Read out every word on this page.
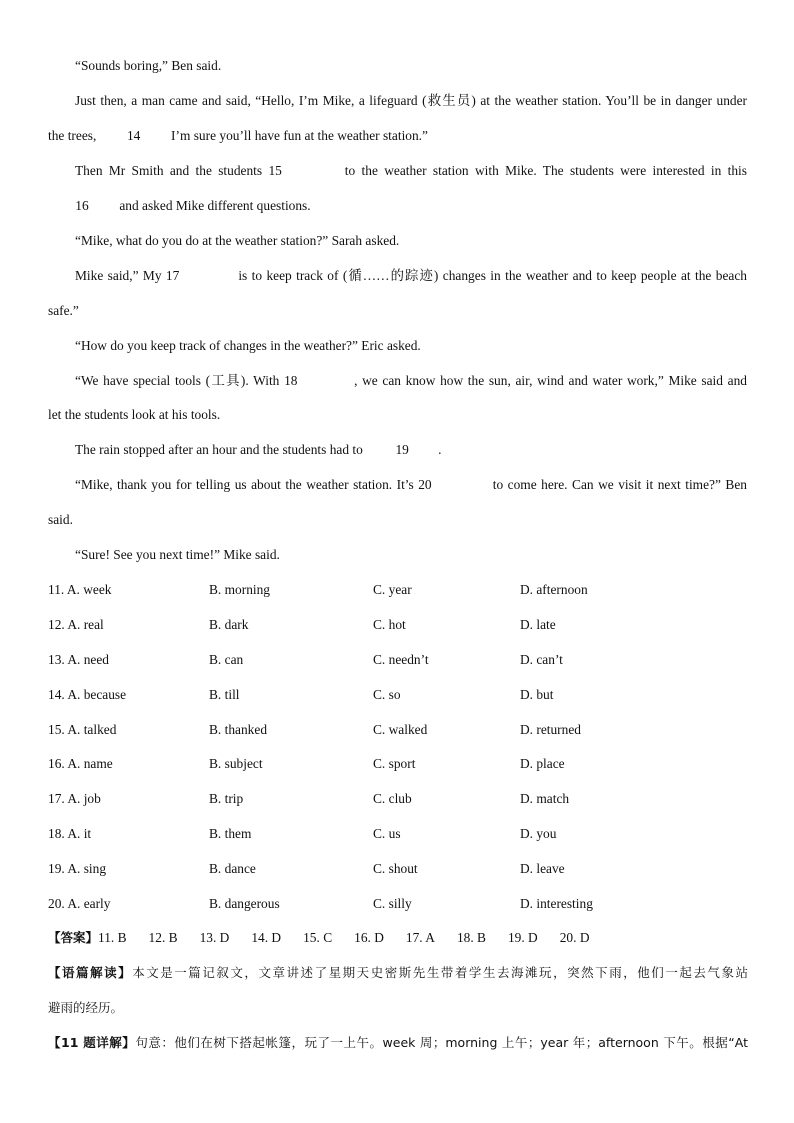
“Sounds boring,” Ben said.
Just then, a man came and said, “Hello, I’m Mike, a lifeguard (救生员) at the weather station. You’ll be in danger under
the trees, 14 I’m sure you’ll have fun at the weather station.”
Then Mr Smith and the students 15	to the weather station with Mike. The students were interested in this
16 and asked Mike different questions.
“Mike, what do you do at the weather station?” Sarah asked.
Mike said,” My 17	is to keep track of (循……的踪迹) changes in the weather and to keep people at the beach
safe.”
“How do you keep track of changes in the weather?” Eric asked.
“We have special tools (工具). With 18	, we can know how the sun, air, wind and water work,” Mike said and
let the students look at his tools.
The rain stopped after an hour and the students had to 19 .
“Mike, thank you for telling us about the weather station. It’s 20	to come here. Can we visit it next time?” Ben
said.
“Sure! See you next time!” Mike said.
11. A. week	B. morning	C. year	D. afternoon
12. A. real	B. dark	C. hot	D. late
13. A. need	B. can	C. needn’t	D. can’t
14. A. because	B. till	C. so	D. but
15. A. talked	B. thanked	C. walked	D. returned
16. A. name	B. subject	C. sport	D. place
17. A. job	B. trip	C. club	D. match
18. A. it	B. them	C. us	D. you
19. A. sing	B. dance	C. shout	D. leave
20. A. early	B. dangerous	C. silly	D. interesting
【答案】11. B 12. B 13. D 14. D 15. C 16. D 17. A 18. B 19. D 20. D
【语篇解读】本文是一篇记叙文，文章讲述了星期天史密斯先生带着学生去海滩玩，突然下雨，他们一起去气象站
避雨的经历。
【11 题详解】句意：他们在树下搭起帐篷，玩了一上午。week 周；morning 上午；year 年；afternoon 下午。根据“At
